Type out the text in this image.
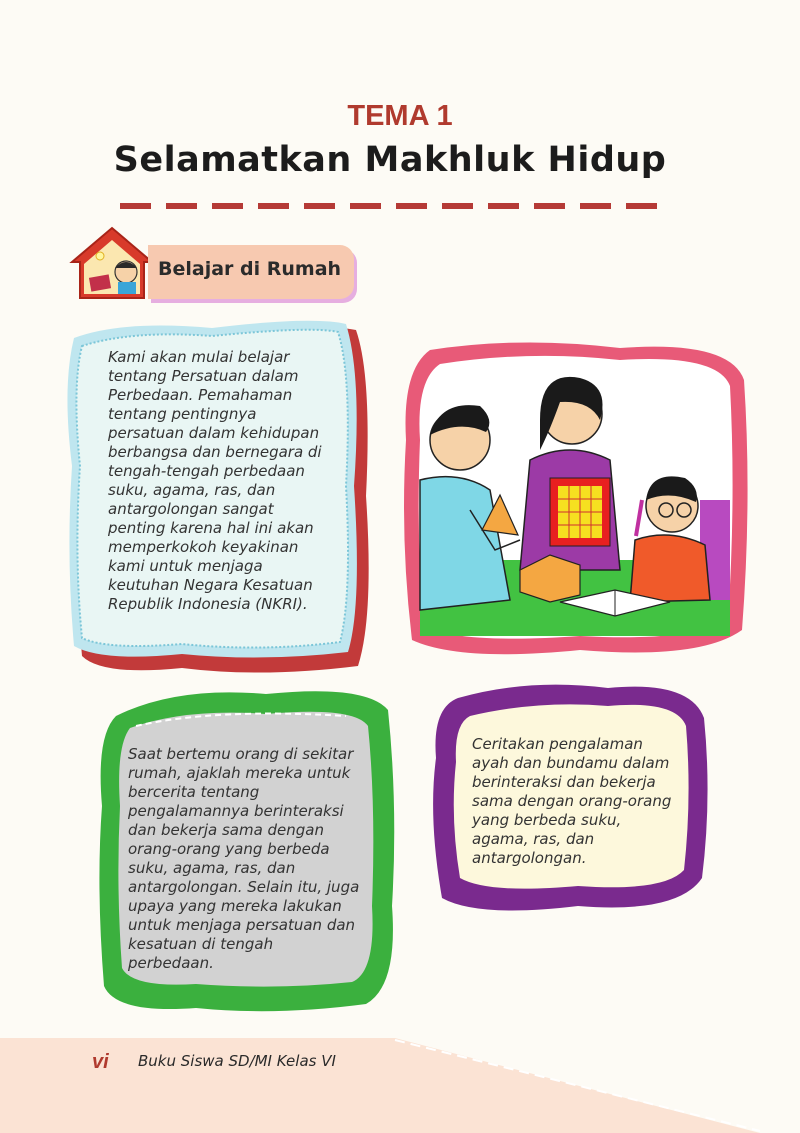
TEMA 1
Selamatkan Makhluk Hidup
Belajar di Rumah
Kami akan mulai belajar tentang Persatuan dalam Perbedaan. Pemahaman tentang pentingnya persatuan dalam kehidupan berbangsa dan bernegara di tengah-tengah perbedaan suku, agama, ras, dan antargolongan sangat penting karena hal ini akan memperkokoh keyakinan kami untuk menjaga keutuhan Negara Kesatuan Republik Indonesia (NKRI).
Saat bertemu orang di sekitar rumah, ajaklah mereka untuk bercerita tentang pengalamannya berinteraksi dan bekerja sama dengan orang-orang yang berbeda suku, agama, ras, dan antargolongan. Selain itu, juga upaya yang mereka lakukan untuk menjaga persatuan dan kesatuan di tengah perbedaan.
Ceritakan pengalaman ayah dan bundamu dalam berinteraksi dan bekerja sama dengan orang-orang yang berbeda suku, agama, ras, dan antargolongan.
vi Buku Siswa SD/MI Kelas VI
